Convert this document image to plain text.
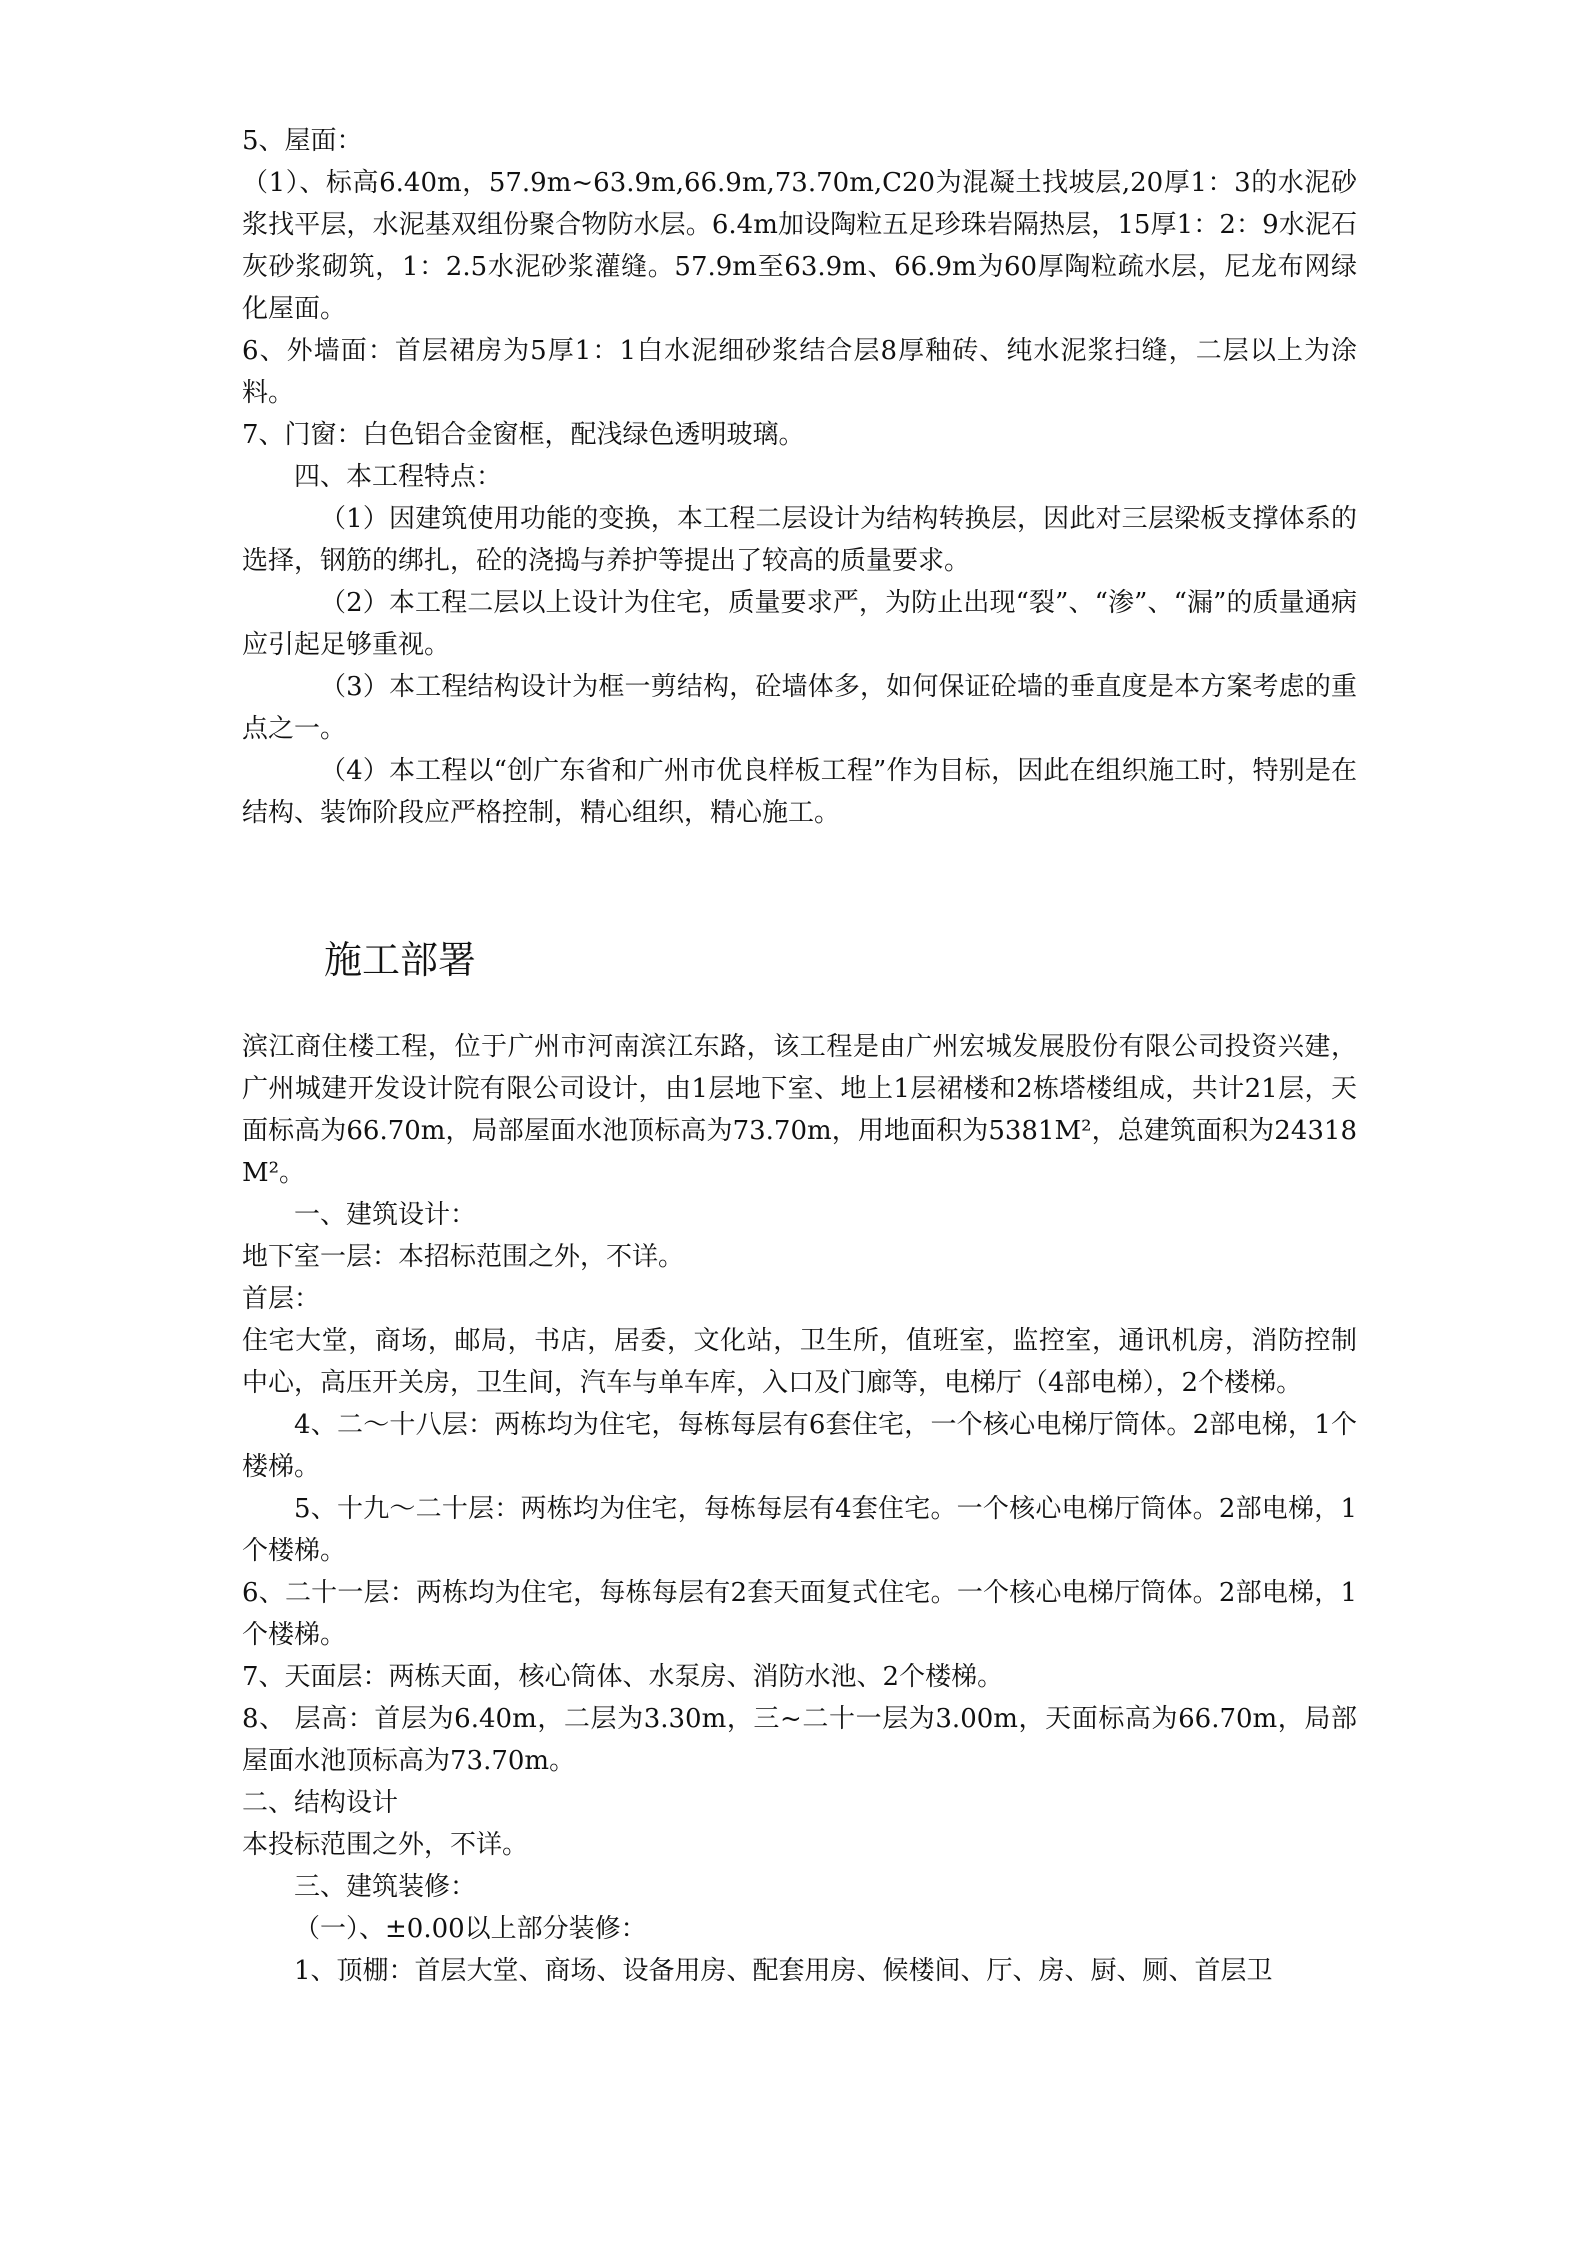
5、屋面：

（1）、标高6.40m，57.9m~63.9m,66.9m,73.70m,C20为混凝土找坡层,20厚1：3的水泥砂浆找平层，水泥基双组份聚合物防水层。6.4m加设陶粒五足珍珠岩隔热层，15厚1：2：9水泥石灰砂浆砌筑，1：2.5水泥砂浆灌缝。57.9m至63.9m、66.9m为60厚陶粒疏水层，尼龙布网绿化屋面。

6、外墙面：首层裙房为5厚1：1白水泥细砂浆结合层8厚釉砖、纯水泥浆扫缝，二层以上为涂料。

7、门窗：白色铝合金窗框，配浅绿色透明玻璃。

四、本工程特点：

（1）因建筑使用功能的变换，本工程二层设计为结构转换层，因此对三层梁板支撑体系的选择，钢筋的绑扎，砼的浇捣与养护等提出了较高的质量要求。

（2）本工程二层以上设计为住宅，质量要求严，为防止出现“裂”、“渗”、“漏”的质量通病应引起足够重视。

（3）本工程结构设计为框一剪结构，砼墙体多，如何保证砼墙的垂直度是本方案考虑的重点之一。

（4）本工程以“创广东省和广州市优良样板工程”作为目标，因此在组织施工时，特别是在结构、装饰阶段应严格控制，精心组织，精心施工。

施工部署

滨江商住楼工程，位于广州市河南滨江东路，该工程是由广州宏城发展股份有限公司投资兴建，广州城建开发设计院有限公司设计，由1层地下室、地上1层裙楼和2栋塔楼组成，共计21层，天面标高为66.70m，局部屋面水池顶标高为73.70m，用地面积为5381M²，总建筑面积为24318M²。

一、建筑设计：

地下室一层：本招标范围之外，不详。

首层：

住宅大堂，商场，邮局，书店，居委，文化站，卫生所，值班室，监控室，通讯机房，消防控制中心，高压开关房，卫生间，汽车与单车库，入口及门廊等，电梯厅（4部电梯），2个楼梯。

4、二～十八层：两栋均为住宅，每栋每层有6套住宅，一个核心电梯厅筒体。2部电梯，1个楼梯。

5、十九～二十层：两栋均为住宅，每栋每层有4套住宅。一个核心电梯厅筒体。2部电梯，1个楼梯。

6、二十一层：两栋均为住宅，每栋每层有2套天面复式住宅。一个核心电梯厅筒体。2部电梯，1个楼梯。

7、天面层：两栋天面，核心筒体、水泵房、消防水池、2个楼梯。

8、 层高：首层为6.40m，二层为3.30m，三~二十一层为3.00m，天面标高为66.70m，局部屋面水池顶标高为73.70m。

二、结构设计

本投标范围之外，不详。

三、建筑装修：

（一）、±0.00以上部分装修：

1、顶棚：首层大堂、商场、设备用房、配套用房、候楼间、厅、房、厨、厕、首层卫
